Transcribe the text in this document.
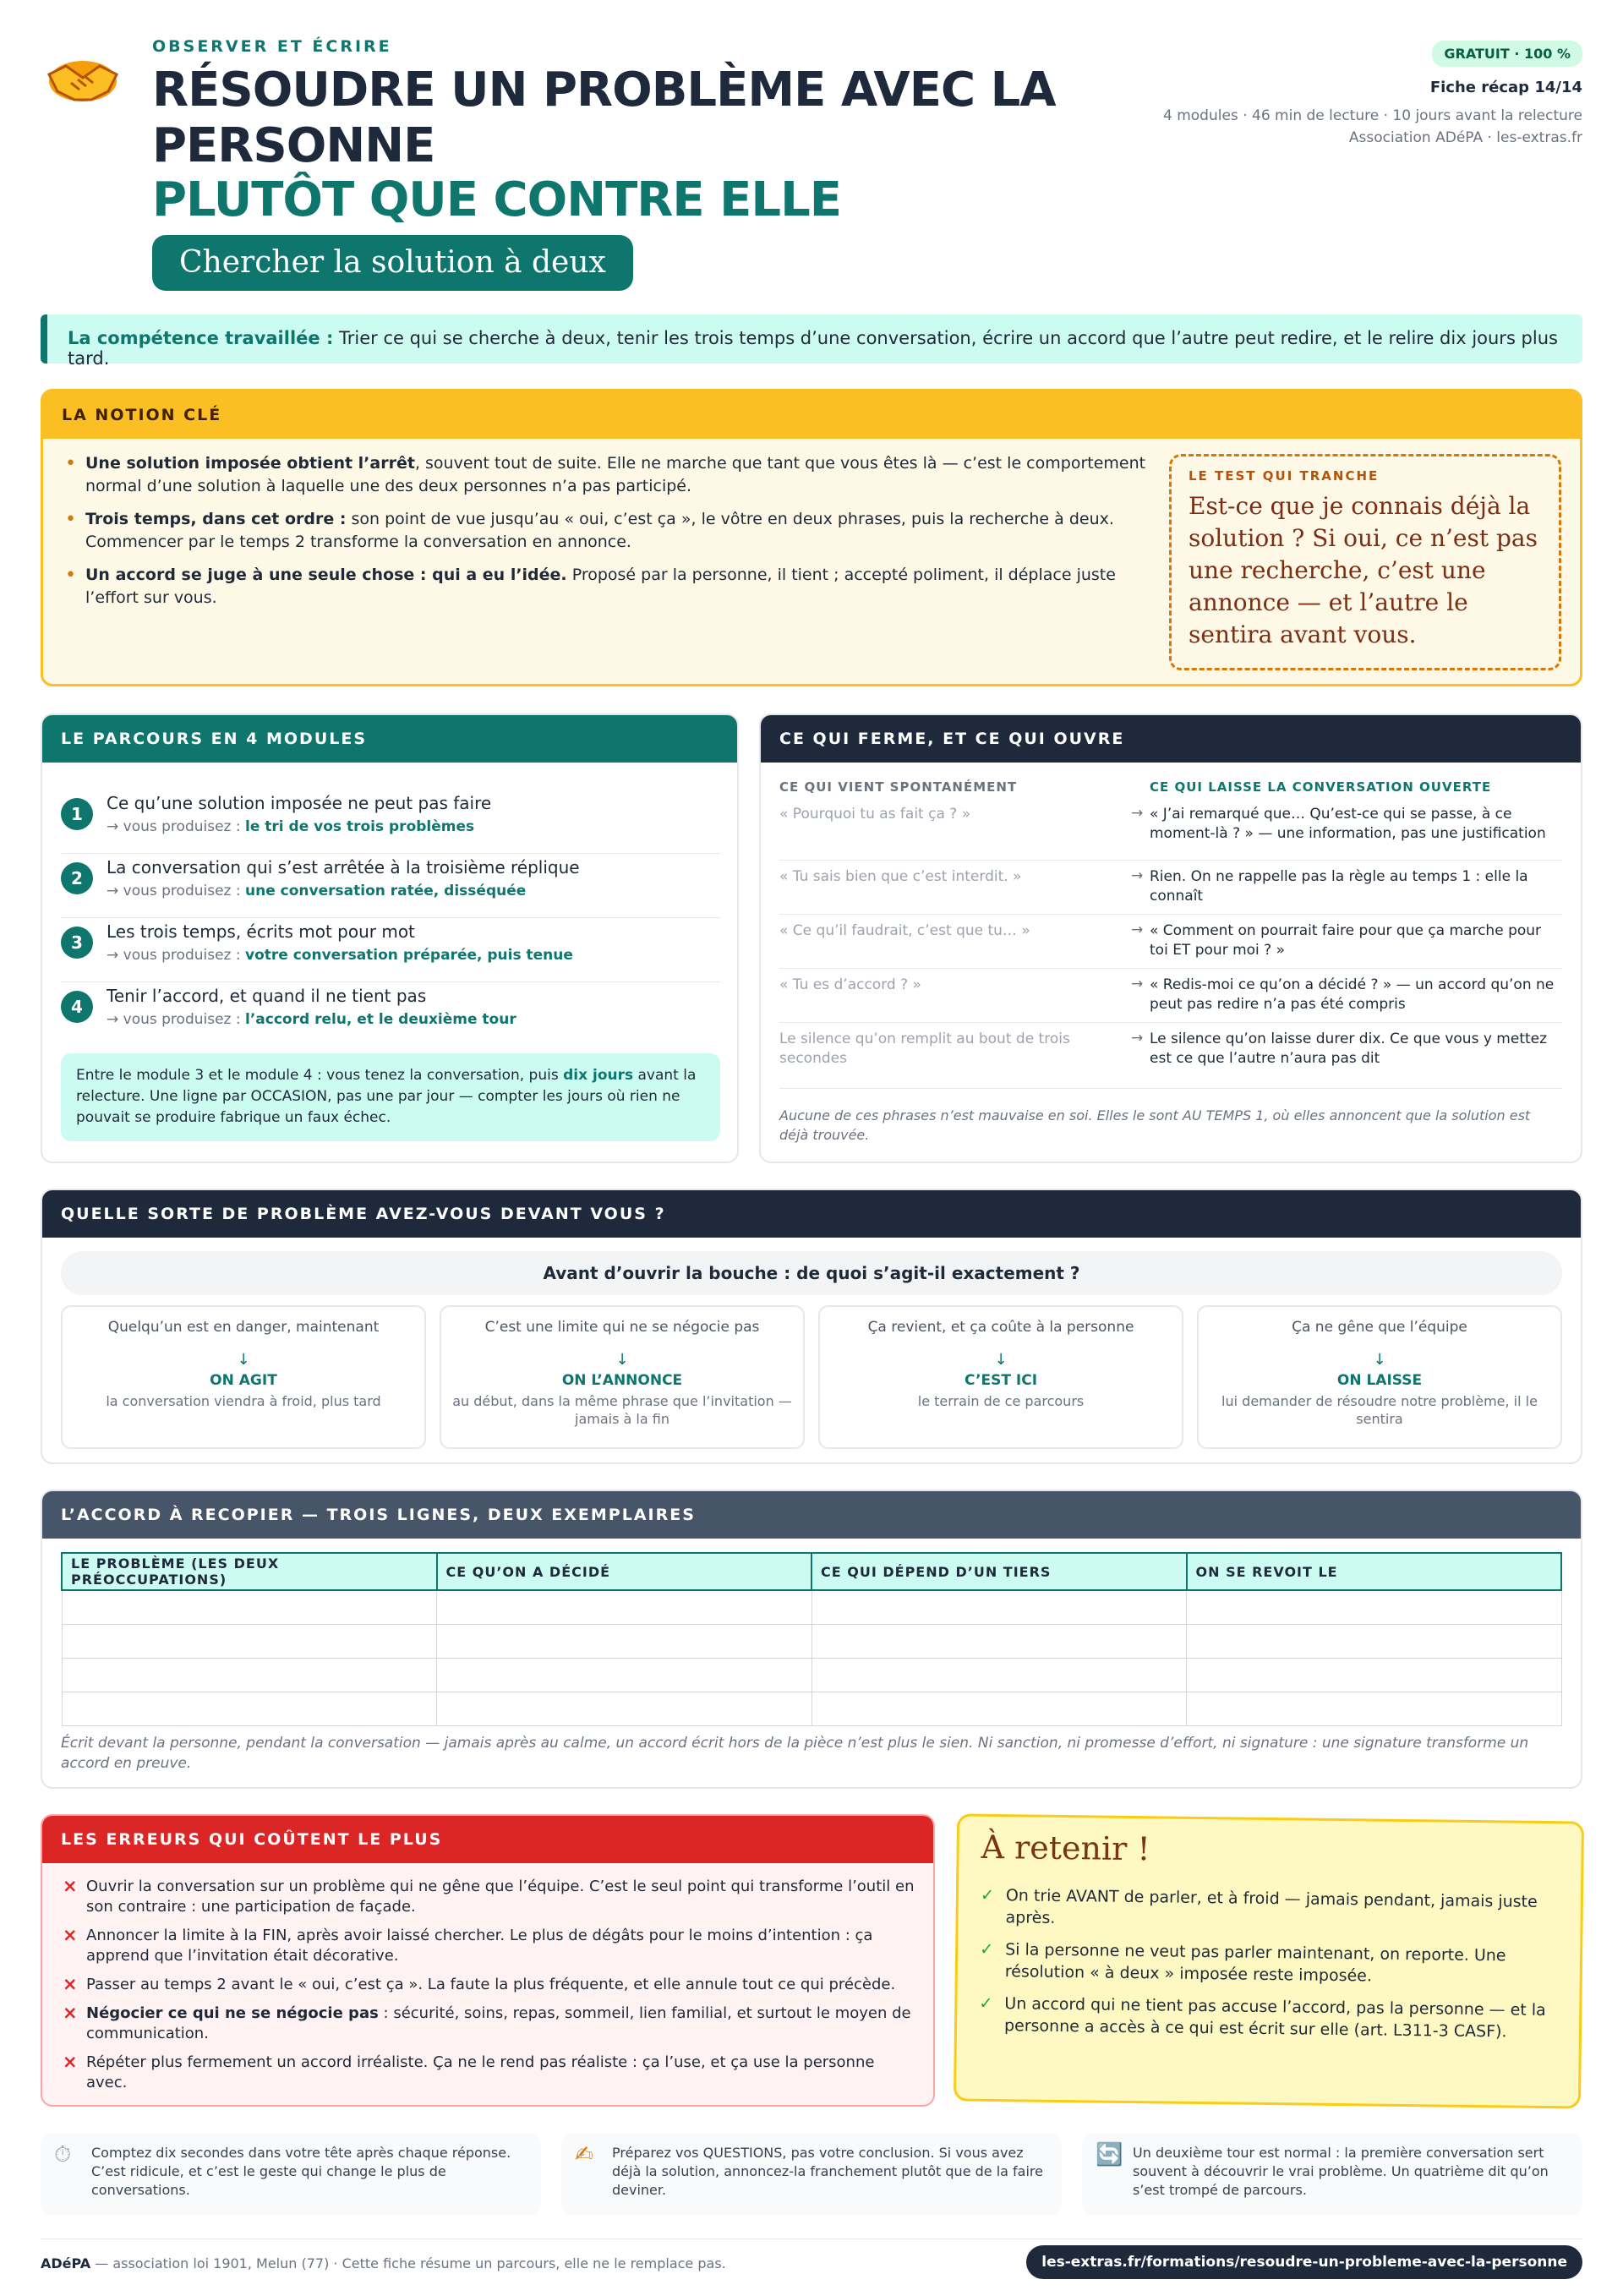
OBSERVER ET ÉCRIRE
RÉSOUDRE UN PROBLÈME AVEC LA PERSONNE
PLUTÔT QUE CONTRE ELLE
Chercher la solution à deux
GRATUIT · 100 %
Fiche récap 14/14
4 modules · 46 min de lecture · 10 jours avant la relecture
Association ADéPA · les-extras.fr
La compétence travaillée : Trier ce qui se cherche à deux, tenir les trois temps d’une conversation, écrire un accord que l’autre peut redire, et le relire dix jours plus tard.
LA NOTION CLÉ
• Une solution imposée obtient l’arrêt, souvent tout de suite. Elle ne marche que tant que vous êtes là — c’est le comportement normal d’une solution à laquelle une des deux personnes n’a pas participé.
• Trois temps, dans cet ordre : son point de vue jusqu’au « oui, c’est ça », le vôtre en deux phrases, puis la recherche à deux. Commencer par le temps 2 transforme la conversation en annonce.
• Un accord se juge à une seule chose : qui a eu l’idée. Proposé par la personne, il tient ; accepté poliment, il déplace juste l’effort sur vous.
LE TEST QUI TRANCHE
Est-ce que je connais déjà la solution ? Si oui, ce n’est pas une recherche, c’est une annonce — et l’autre le sentira avant vous.
LE PARCOURS EN 4 MODULES
1
Ce qu’une solution imposée ne peut pas faire
→ vous produisez : le tri de vos trois problèmes
2
La conversation qui s’est arrêtée à la troisième réplique
→ vous produisez : une conversation ratée, disséquée
3
Les trois temps, écrits mot pour mot
→ vous produisez : votre conversation préparée, puis tenue
4
Tenir l’accord, et quand il ne tient pas
→ vous produisez : l’accord relu, et le deuxième tour
Entre le module 3 et le module 4 : vous tenez la conversation, puis dix jours avant la relecture. Une ligne par OCCASION, pas une par jour — compter les jours où rien ne pouvait se produire fabrique un faux échec.
CE QUI FERME, ET CE QUI OUVRE
CE QUI VIENT SPONTANÉMENT	CE QUI LAISSE LA CONVERSATION OUVERTE
« Pourquoi tu as fait ça ? »	→ « J’ai remarqué que… Qu’est-ce qui se passe, à ce moment-là ? » — une information, pas une justification
« Tu sais bien que c’est interdit. »	→ Rien. On ne rappelle pas la règle au temps 1 : elle la connaît
« Ce qu’il faudrait, c’est que tu… »	→ « Comment on pourrait faire pour que ça marche pour toi ET pour moi ? »
« Tu es d’accord ? »	→ « Redis-moi ce qu’on a décidé ? » — un accord qu’on ne peut pas redire n’a pas été compris
Le silence qu’on remplit au bout de trois secondes
→ Le silence qu’on laisse durer dix. Ce que vous y mettez est ce que l’autre n’aura pas dit
Aucune de ces phrases n’est mauvaise en soi. Elles le sont AU TEMPS 1, où elles annoncent que la solution est déjà trouvée.
QUELLE SORTE DE PROBLÈME AVEZ-VOUS DEVANT VOUS ?
Avant d’ouvrir la bouche : de quoi s’agit-il exactement ?
Quelqu’un est en danger, maintenant
↓
ON AGIT
la conversation viendra à froid, plus tard
C’est une limite qui ne se négocie pas
↓
ON L’ANNONCE
au début, dans la même phrase que l’invitation — jamais à la fin
Ça revient, et ça coûte à la personne
↓
C’EST ICI
le terrain de ce parcours
Ça ne gêne que l’équipe
↓
ON LAISSE
lui demander de résoudre notre problème, il le sentira
L’ACCORD À RECOPIER — TROIS LIGNES, DEUX EXEMPLAIRES
LE PROBLÈME (LES DEUX PRÉOCCUPATIONS)	CE QU’ON A DÉCIDÉ	CE QUI DÉPEND D’UN TIERS	ON SE REVOIT LE

Écrit devant la personne, pendant la conversation — jamais après au calme, un accord écrit hors de la pièce n’est plus le sien. Ni sanction, ni promesse d’effort, ni signature : une signature transforme un accord en preuve.
LES ERREURS QUI COÛTENT LE PLUS
× Ouvrir la conversation sur un problème qui ne gêne que l’équipe. C’est le seul point qui transforme l’outil en son contraire : une participation de façade.
× Annoncer la limite à la FIN, après avoir laissé chercher. Le plus de dégâts pour le moins d’intention : ça apprend que l’invitation était décorative.
× Passer au temps 2 avant le « oui, c’est ça ». La faute la plus fréquente, et elle annule tout ce qui précède.
× Négocier ce qui ne se négocie pas : sécurité, soins, repas, sommeil, lien familial, et surtout le moyen de communication.
× Répéter plus fermement un accord irréaliste. Ça ne le rend pas réaliste : ça l’use, et ça use la personne avec.
À retenir !
✓ On trie AVANT de parler, et à froid — jamais pendant, jamais juste après.
✓ Si la personne ne veut pas parler maintenant, on reporte. Une résolution « à deux » imposée reste imposée.
✓ Un accord qui ne tient pas accuse l’accord, pas la personne — et la personne a accès à ce qui est écrit sur elle (art. L311-3 CASF).
⏱ Comptez dix secondes dans votre tête après chaque réponse. C’est ridicule, et c’est le geste qui change le plus de conversations.
✍ Préparez vos QUESTIONS, pas votre conclusion. Si vous avez déjà la solution, annoncez-la franchement plutôt que de la faire deviner.
🔄 Un deuxième tour est normal : la première conversation sert souvent à découvrir le vrai problème. Un quatrième dit qu’on s’est trompé de parcours.
ADéPA — association loi 1901, Melun (77) · Cette fiche résume un parcours, elle ne le remplace pas.	les-extras.fr/formations/resoudre-un-probleme-avec-la-personne
